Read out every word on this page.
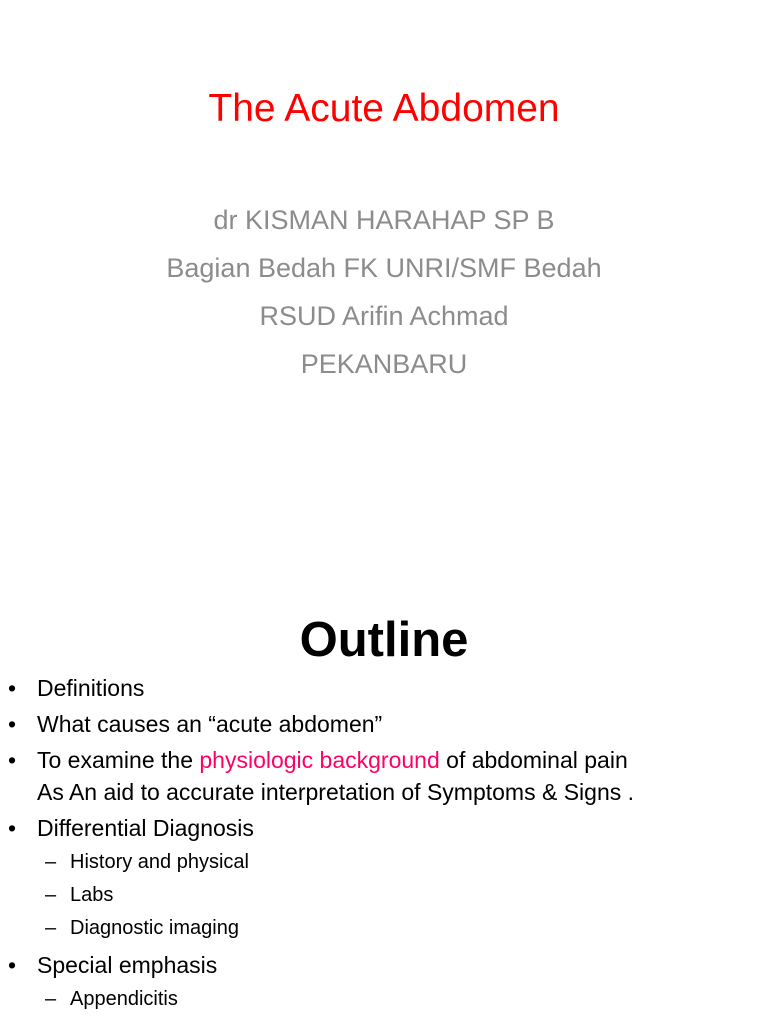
The Acute Abdomen
dr KISMAN HARAHAP SP B
Bagian Bedah FK UNRI/SMF Bedah
RSUD Arifin Achmad
PEKANBARU
Outline
• Definitions
• What causes an “acute abdomen”
• To examine the physiologic background of abdominal pain
As An aid to accurate interpretation of Symptoms & Signs .
• Differential Diagnosis
– History and physical
– Labs
– Diagnostic imaging
• Special emphasis
– Appendicitis
